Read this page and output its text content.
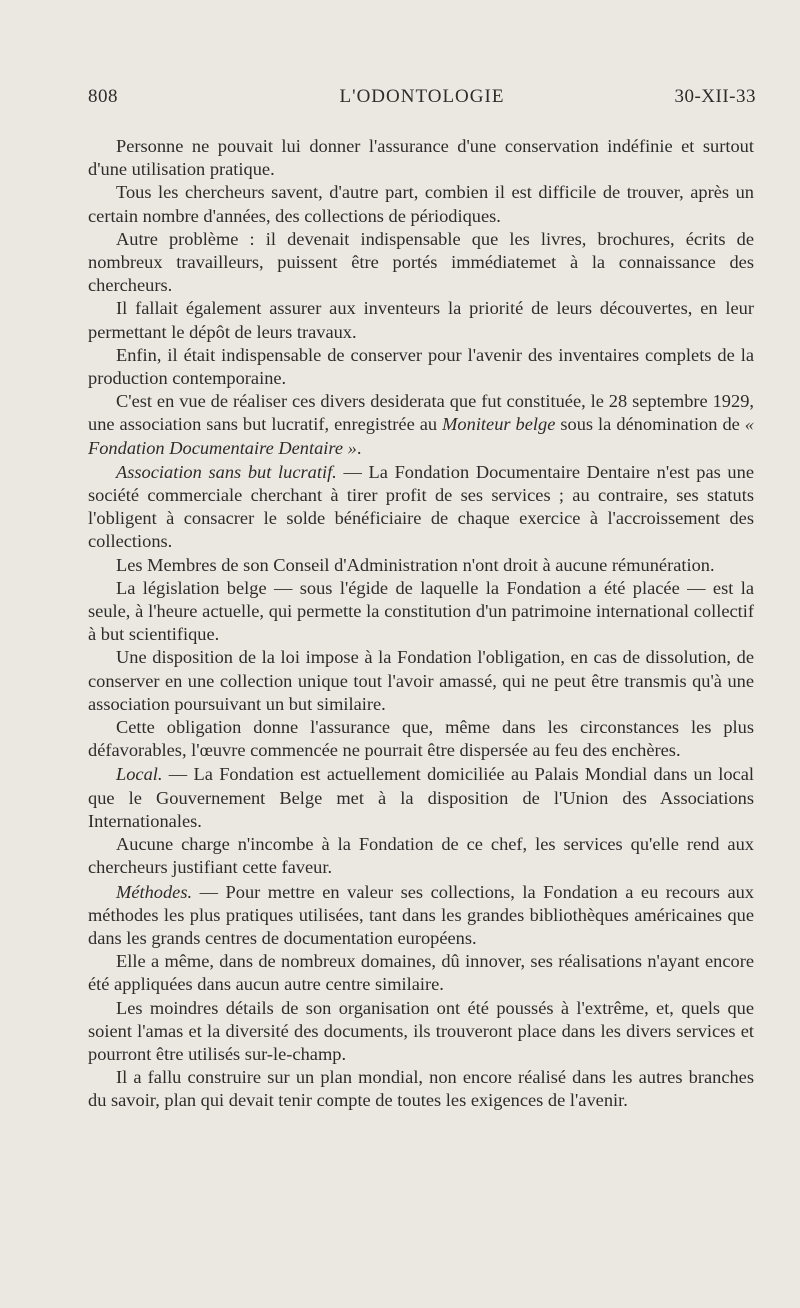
808	L'ODONTOLOGIE	30-XII-33

Personne ne pouvait lui donner l'assurance d'une conservation indéfinie et surtout d'une utilisation pratique.

Tous les chercheurs savent, d'autre part, combien il est difficile de trouver, après un certain nombre d'années, des collections de périodiques.

Autre problème : il devenait indispensable que les livres, brochures, écrits de nombreux travailleurs, puissent être portés immédiatemet à la connaissance des chercheurs.

Il fallait également assurer aux inventeurs la priorité de leurs découvertes, en leur permettant le dépôt de leurs travaux.

Enfin, il était indispensable de conserver pour l'avenir des inventaires complets de la production contemporaine.

C'est en vue de réaliser ces divers desiderata que fut constituée, le 28 septembre 1929, une association sans but lucratif, enregistrée au Moniteur belge sous la dénomination de « Fondation Documentaire Dentaire ».

Association sans but lucratif. — La Fondation Documentaire Dentaire n'est pas une société commerciale cherchant à tirer profit de ses services ; au contraire, ses statuts l'obligent à consacrer le solde bénéficiaire de chaque exercice à l'accroissement des collections.

Les Membres de son Conseil d'Administration n'ont droit à aucune rémunération.

La législation belge — sous l'égide de laquelle la Fondation a été placée — est la seule, à l'heure actuelle, qui permette la constitution d'un patrimoine international collectif à but scientifique.

Une disposition de la loi impose à la Fondation l'obligation, en cas de dissolution, de conserver en une collection unique tout l'avoir amassé, qui ne peut être transmis qu'à une association poursuivant un but similaire.

Cette obligation donne l'assurance que, même dans les circonstances les plus défavorables, l'œuvre commencée ne pourrait être dispersée au feu des enchères.

Local. — La Fondation est actuellement domiciliée au Palais Mondial dans un local que le Gouvernement Belge met à la disposition de l'Union des Associations Internationales.

Aucune charge n'incombe à la Fondation de ce chef, les services qu'elle rend aux chercheurs justifiant cette faveur.

Méthodes. — Pour mettre en valeur ses collections, la Fondation a eu recours aux méthodes les plus pratiques utilisées, tant dans les grandes bibliothèques américaines que dans les grands centres de documentation européens.

Elle a même, dans de nombreux domaines, dû innover, ses réalisations n'ayant encore été appliquées dans aucun autre centre similaire.

Les moindres détails de son organisation ont été poussés à l'extrême, et, quels que soient l'amas et la diversité des documents, ils trouveront place dans les divers services et pourront être utilisés sur-le-champ.

Il a fallu construire sur un plan mondial, non encore réalisé dans les autres branches du savoir, plan qui devait tenir compte de toutes les exigences de l'avenir.
